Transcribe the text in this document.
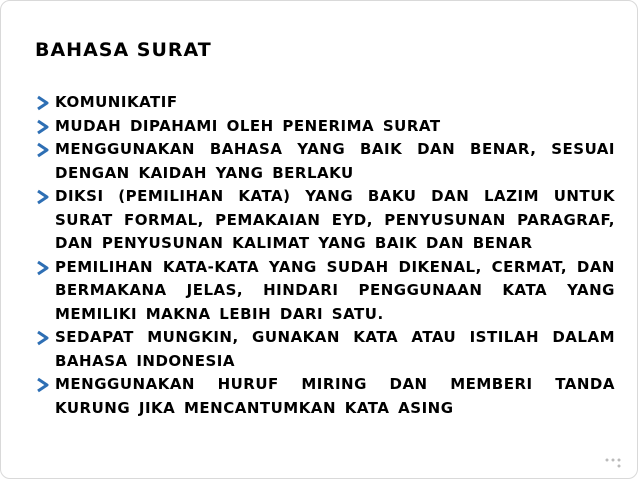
BAHASA SURAT
KOMUNIKATIF
MUDAH DIPAHAMI OLEH PENERIMA SURAT
MENGGUNAKAN BAHASA YANG BAIK DAN BENAR, SESUAI DENGAN KAIDAH YANG BERLAKU
DIKSI (PEMILIHAN KATA) YANG BAKU DAN LAZIM UNTUK SURAT FORMAL, PEMAKAIAN EYD, PENYUSUNAN PARAGRAF, DAN PENYUSUNAN KALIMAT YANG BAIK DAN BENAR
PEMILIHAN KATA-KATA YANG SUDAH DIKENAL, CERMAT, DAN BERMAKANA JELAS, HINDARI PENGGUNAAN KATA YANG MEMILIKI MAKNA LEBIH DARI SATU.
SEDAPAT MUNGKIN, GUNAKAN KATA ATAU ISTILAH DALAM BAHASA INDONESIA
MENGGUNAKAN HURUF MIRING DAN MEMBERI TANDA KURUNG JIKA MENCANTUMKAN KATA ASING
